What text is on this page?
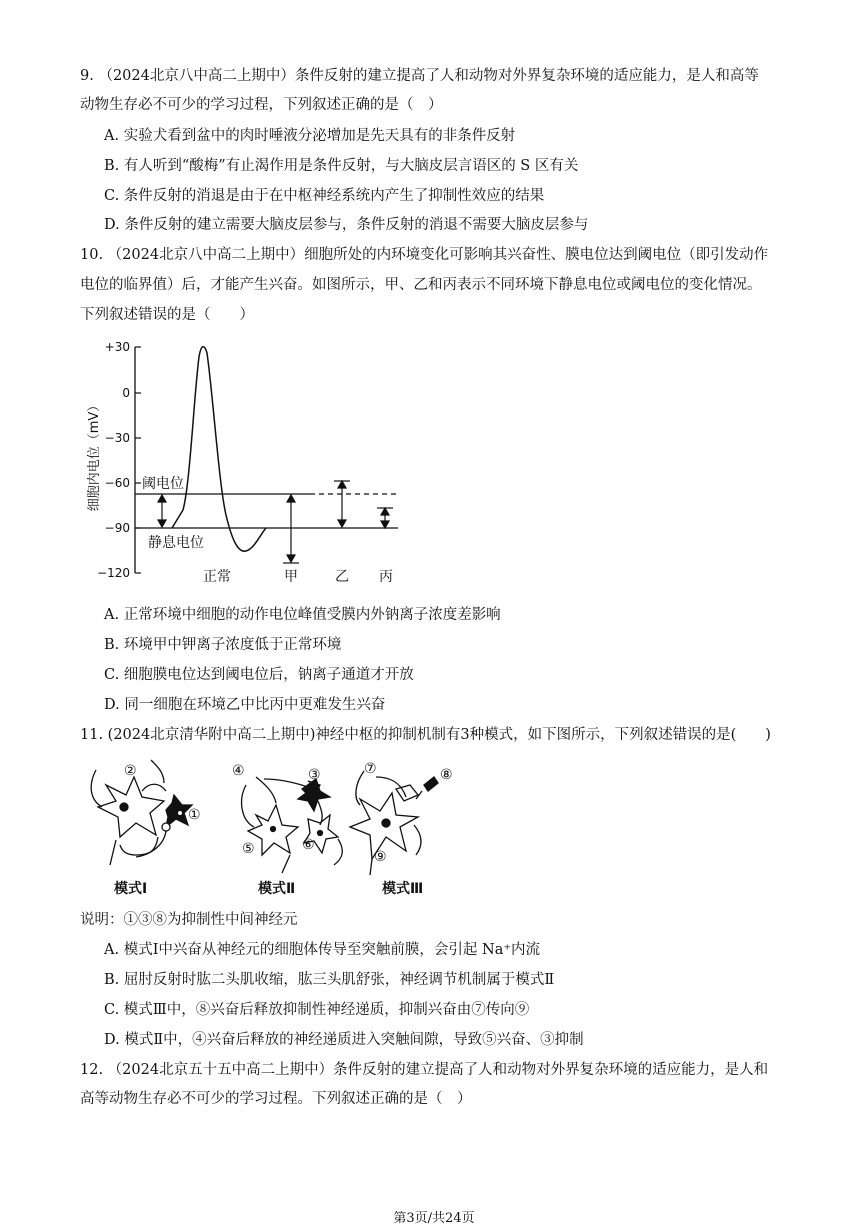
9. （2024北京八中高二上期中）条件反射的建立提高了人和动物对外界复杂环境的适应能力，是人和高等
动物生存必不可少的学习过程，下列叙述正确的是（　）
A. 实验犬看到盆中的肉时唾液分泌增加是先天具有的非条件反射
B. 有人听到“酸梅”有止渴作用是条件反射，与大脑皮层言语区的 S 区有关
C. 条件反射的消退是由于在中枢神经系统内产生了抑制性效应的结果
D. 条件反射的建立需要大脑皮层参与，条件反射的消退不需要大脑皮层参与
10. （2024北京八中高二上期中）细胞所处的内环境变化可影响其兴奋性、膜电位达到阈电位（即引发动作
电位的临界值）后，才能产生兴奋。如图所示，甲、乙和丙表示不同环境下静息电位或阈电位的变化情况。
下列叙述错误的是（　　）
细胞内电位（mV）
+30
0
−30
−60
−90
−120
阈电位
静息电位
正常	甲	乙 丙
A. 正常环境中细胞的动作电位峰值受膜内外钠离子浓度差影响
B. 环境甲中钾离子浓度低于正常环境
C. 细胞膜电位达到阈电位后，钠离子通道才开放
D. 同一细胞在环境乙中比丙中更难发生兴奋
11. (2024北京清华附中高二上期中)神经中枢的抑制机制有3种模式，如下图所示，下列叙述错误的是(　　)
②
①
模式Ⅰ
④	③
⑤	⑥
模式Ⅱ
⑦	⑧
⑨
模式Ⅲ
说明：①③⑧为抑制性中间神经元
A. 模式Ⅰ中兴奋从神经元的细胞体传导至突触前膜，会引起 Na⁺内流
B. 屈肘反射时肱二头肌收缩，肱三头肌舒张，神经调节机制属于模式Ⅱ
C. 模式Ⅲ中，⑧兴奋后释放抑制性神经递质，抑制兴奋由⑦传向⑨
D. 模式Ⅱ中，④兴奋后释放的神经递质进入突触间隙，导致⑤兴奋、③抑制
12. （2024北京五十五中高二上期中）条件反射的建立提高了人和动物对外界复杂环境的适应能力，是人和
高等动物生存必不可少的学习过程。下列叙述正确的是（　）
第3页/共24页
